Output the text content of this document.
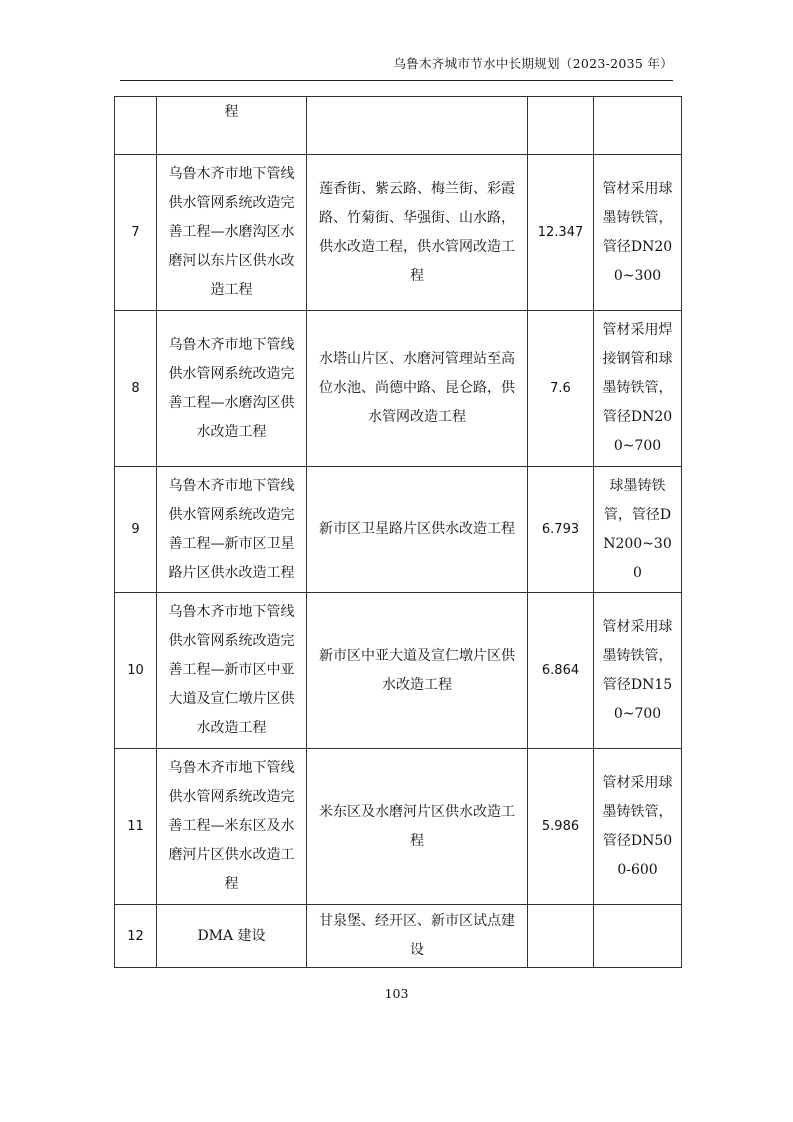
乌鲁木齐城市节水中长期规划（2023-2035 年）
	程			
7	乌鲁木齐市地下管线供水管网系统改造完善工程—水磨沟区水磨河以东片区供水改造工程	莲香街、紫云路、梅兰街、彩霞路、竹菊街、华强街、山水路，供水改造工程，供水管网改造工程	12.347	管材采用球墨铸铁管，管径DN200~300
8	乌鲁木齐市地下管线供水管网系统改造完善工程—水磨沟区供水改造工程	水塔山片区、水磨河管理站至高位水池、尚德中路、昆仑路，供水管网改造工程	7.6	管材采用焊接钢管和球墨铸铁管，管径DN200~700
9	乌鲁木齐市地下管线供水管网系统改造完善工程—新市区卫星路片区供水改造工程	新市区卫星路片区供水改造工程	6.793	球墨铸铁管，管径DN200~300
10	乌鲁木齐市地下管线供水管网系统改造完善工程—新市区中亚大道及宣仁墩片区供水改造工程	新市区中亚大道及宣仁墩片区供水改造工程	6.864	管材采用球墨铸铁管，管径DN150~700
11	乌鲁木齐市地下管线供水管网系统改造完善工程—米东区及水磨河片区供水改造工程	米东区及水磨河片区供水改造工程	5.986	管材采用球墨铸铁管，管径DN500-600
12	DMA 建设	甘泉堡、经开区、新市区试点建设		
103
